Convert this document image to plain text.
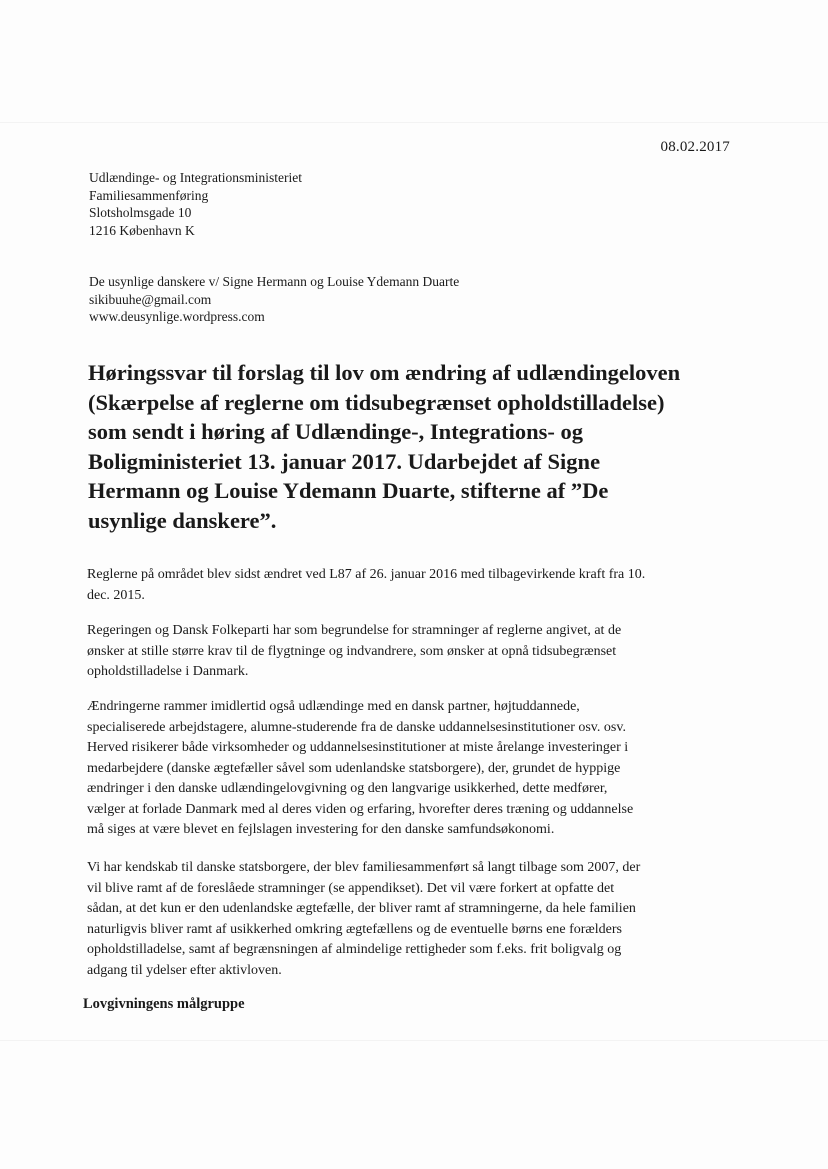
08.02.2017
Udlændinge- og Integrationsministeriet
Familiesammenføring
Slotsholmsgade 10
1216 København K
De usynlige danskere v/ Signe Hermann og Louise Ydemann Duarte
sikibuuhe@gmail.com
www.deusynlige.wordpress.com
Høringssvar til forslag til lov om ændring af udlændingeloven
(Skærpelse af reglerne om tidsubegrænset opholdstilladelse)
som sendt i høring af Udlændinge-, Integrations- og
Boligministeriet 13. januar 2017. Udarbejdet af Signe
Hermann og Louise Ydemann Duarte, stifterne af ”De
usynlige danskere”.

Reglerne på området blev sidst ændret ved L87 af 26. januar 2016 med tilbagevirkende kraft fra 10.
dec. 2015.

Regeringen og Dansk Folkeparti har som begrundelse for stramninger af reglerne angivet, at de
ønsker at stille større krav til de flygtninge og indvandrere, som ønsker at opnå tidsubegrænset
opholdstilladelse i Danmark.

Ændringerne rammer imidlertid også udlændinge med en dansk partner, højtuddannede,
specialiserede arbejdstagere, alumne-studerende fra de danske uddannelsesinstitutioner osv. osv.
Herved risikerer både virksomheder og uddannelsesinstitutioner at miste årelange investeringer i
medarbejdere (danske ægtefæller såvel som udenlandske statsborgere), der, grundet de hyppige
ændringer i den danske udlændingelovgivning og den langvarige usikkerhed, dette medfører,
vælger at forlade Danmark med al deres viden og erfaring, hvorefter deres træning og uddannelse
må siges at være blevet en fejlslagen investering for den danske samfundsøkonomi.

Vi har kendskab til danske statsborgere, der blev familiesammenført så langt tilbage som 2007, der
vil blive ramt af de foreslåede stramninger (se appendikset). Det vil være forkert at opfatte det
sådan, at det kun er den udenlandske ægtefælle, der bliver ramt af stramningerne, da hele familien
naturligvis bliver ramt af usikkerhed omkring ægtefællens og de eventuelle børns ene forælders
opholdstilladelse, samt af begrænsningen af almindelige rettigheder som f.eks. frit boligvalg og
adgang til ydelser efter aktivloven.

Lovgivningens målgruppe
